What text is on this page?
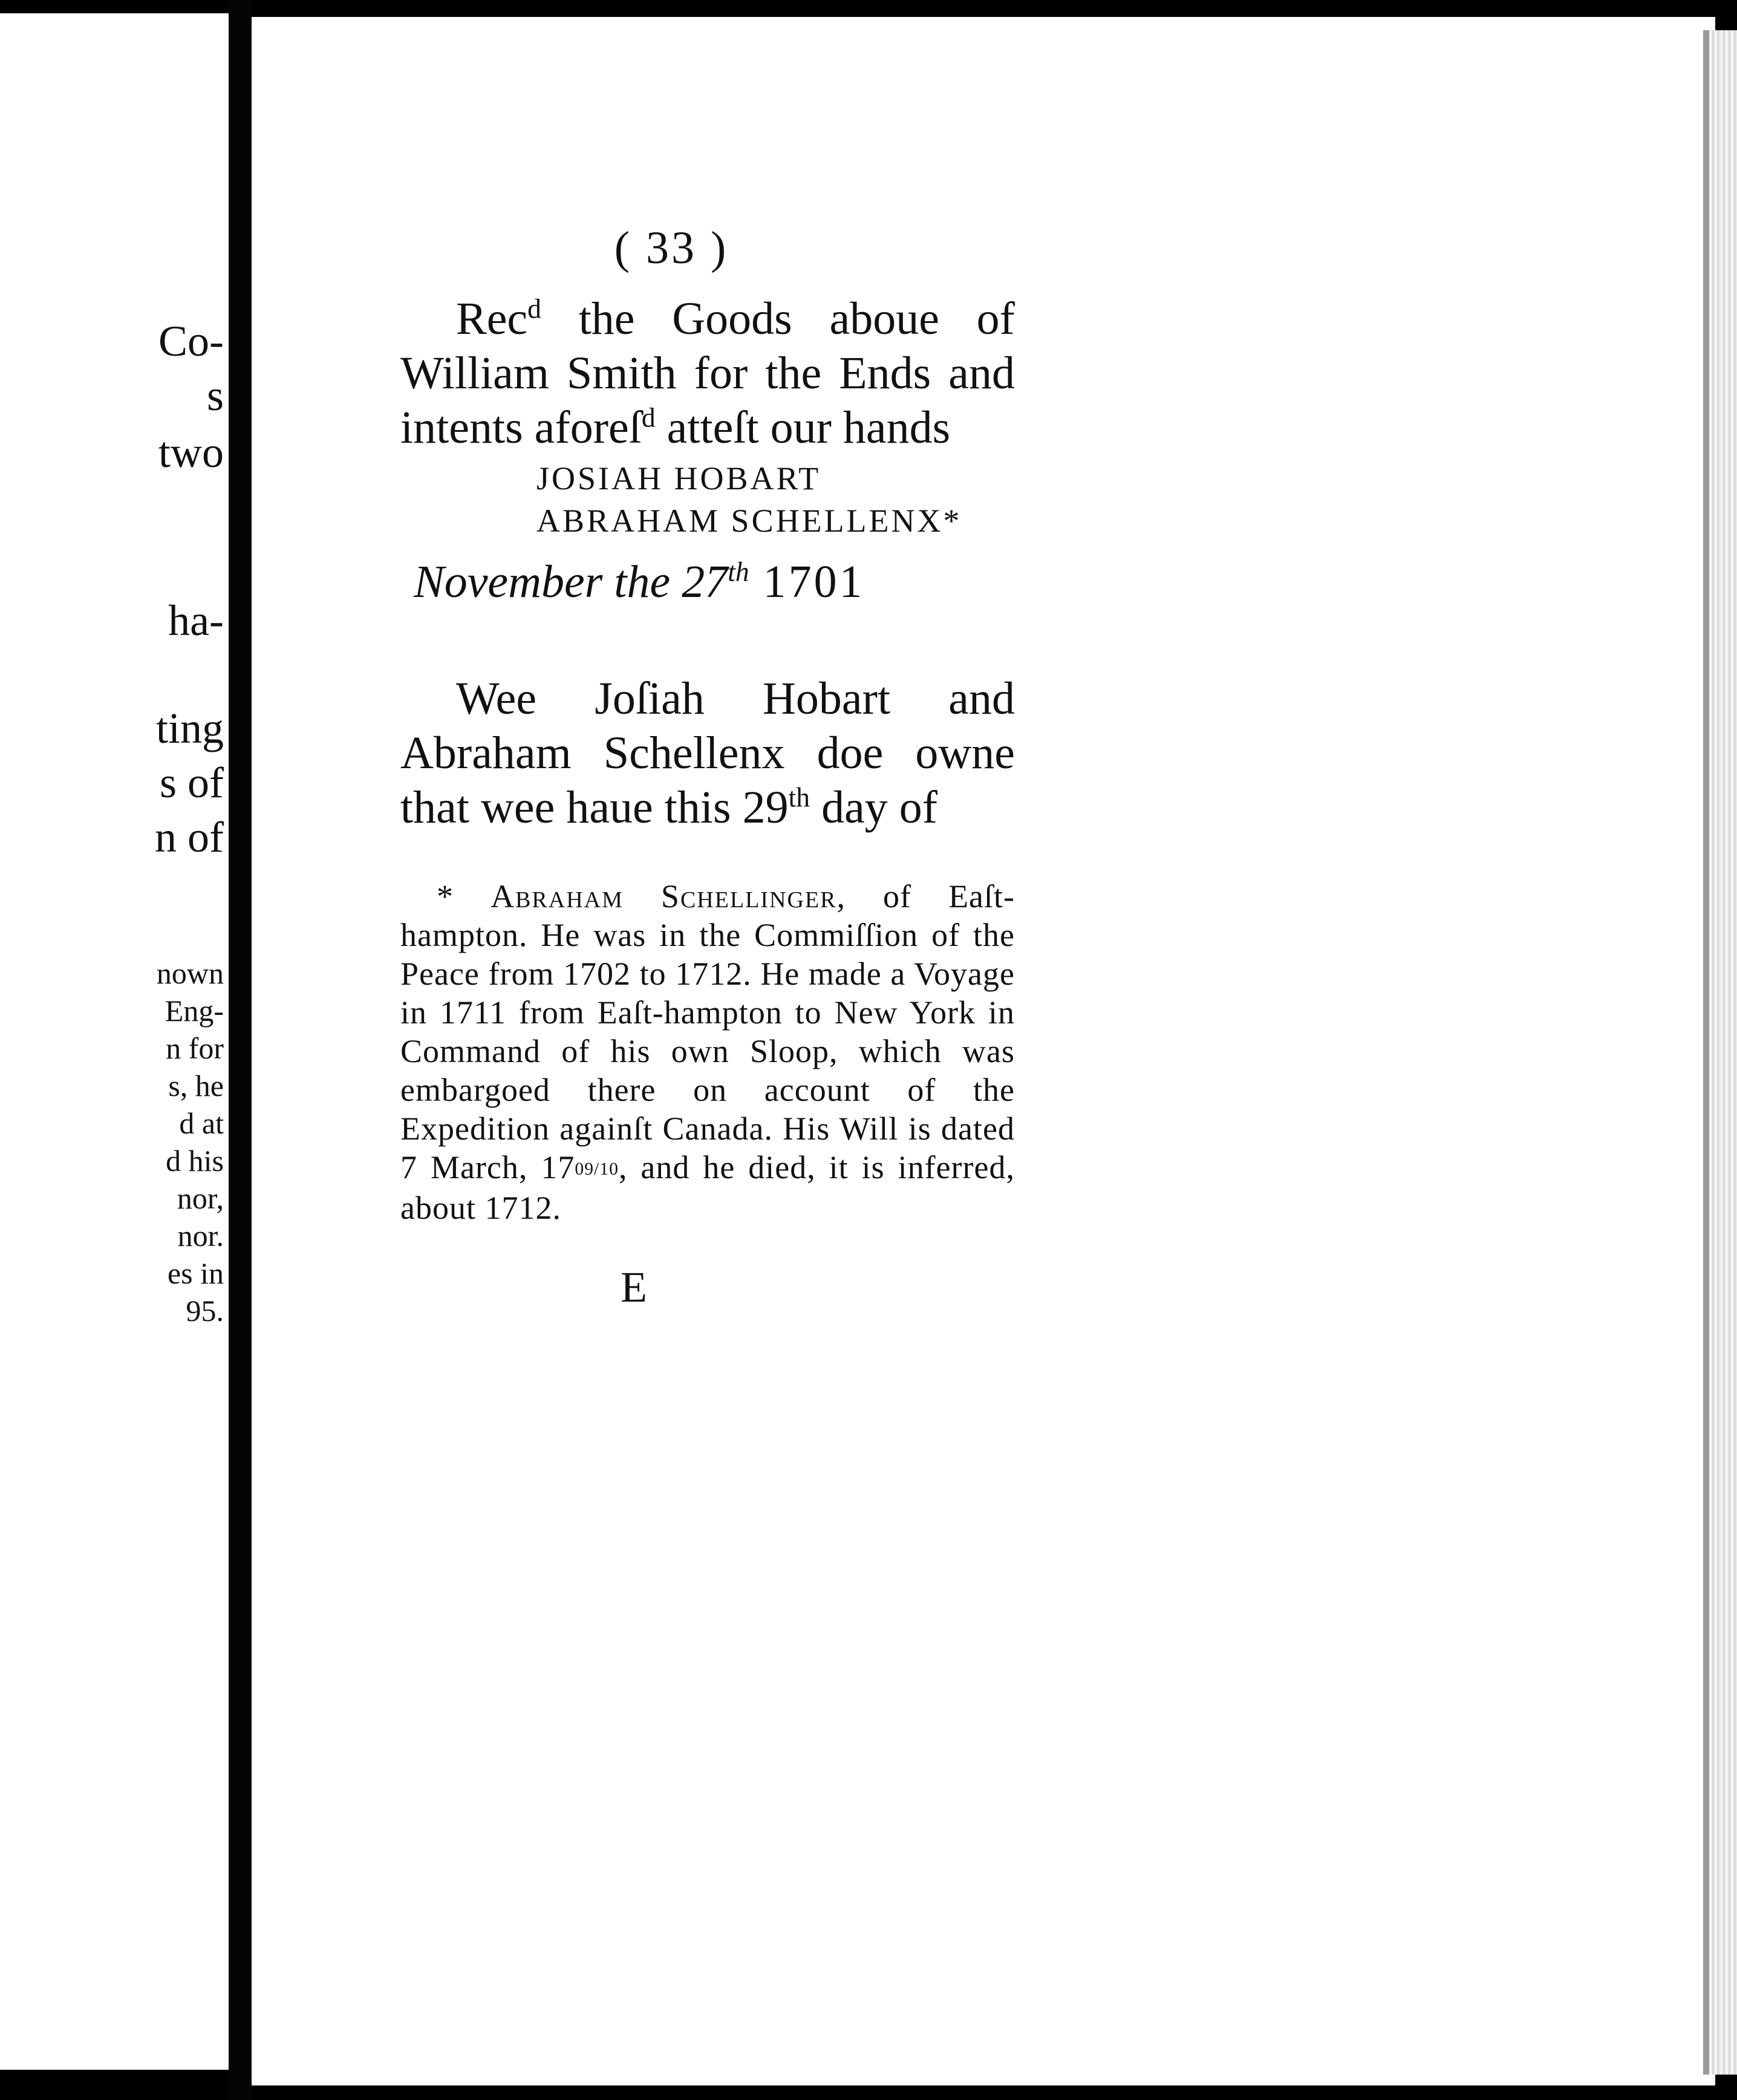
Co-
s
two
ha-
ting
s of
n of
nown
Eng-
n for
s, he
d at
d his
nor,
nor.
es in
95.
( 33 )

Rec$^d$ the Goods aboue of William Smith for the Ends and intents aforeſ$^d$ atteſt our hands

JOSIAH HOBART
ABRAHAM SCHELLENX*
November the 27th 1701

Wee Joſiah Hobart and Abraham Schellenx doe owne that wee haue this 29th day of

* Abraham Schellinger, of Eaſt-hampton. He was in the Commiſſion of the Peace from 1702 to 1712. He made a Voyage in 1711 from Eaſt-hampton to New York in Command of his own Sloop, which was embargoed there on account of the Expedition againſt Canada. His Will is dated 7 March, 1709/10, and he died, it is inferred, about 1712.

E
